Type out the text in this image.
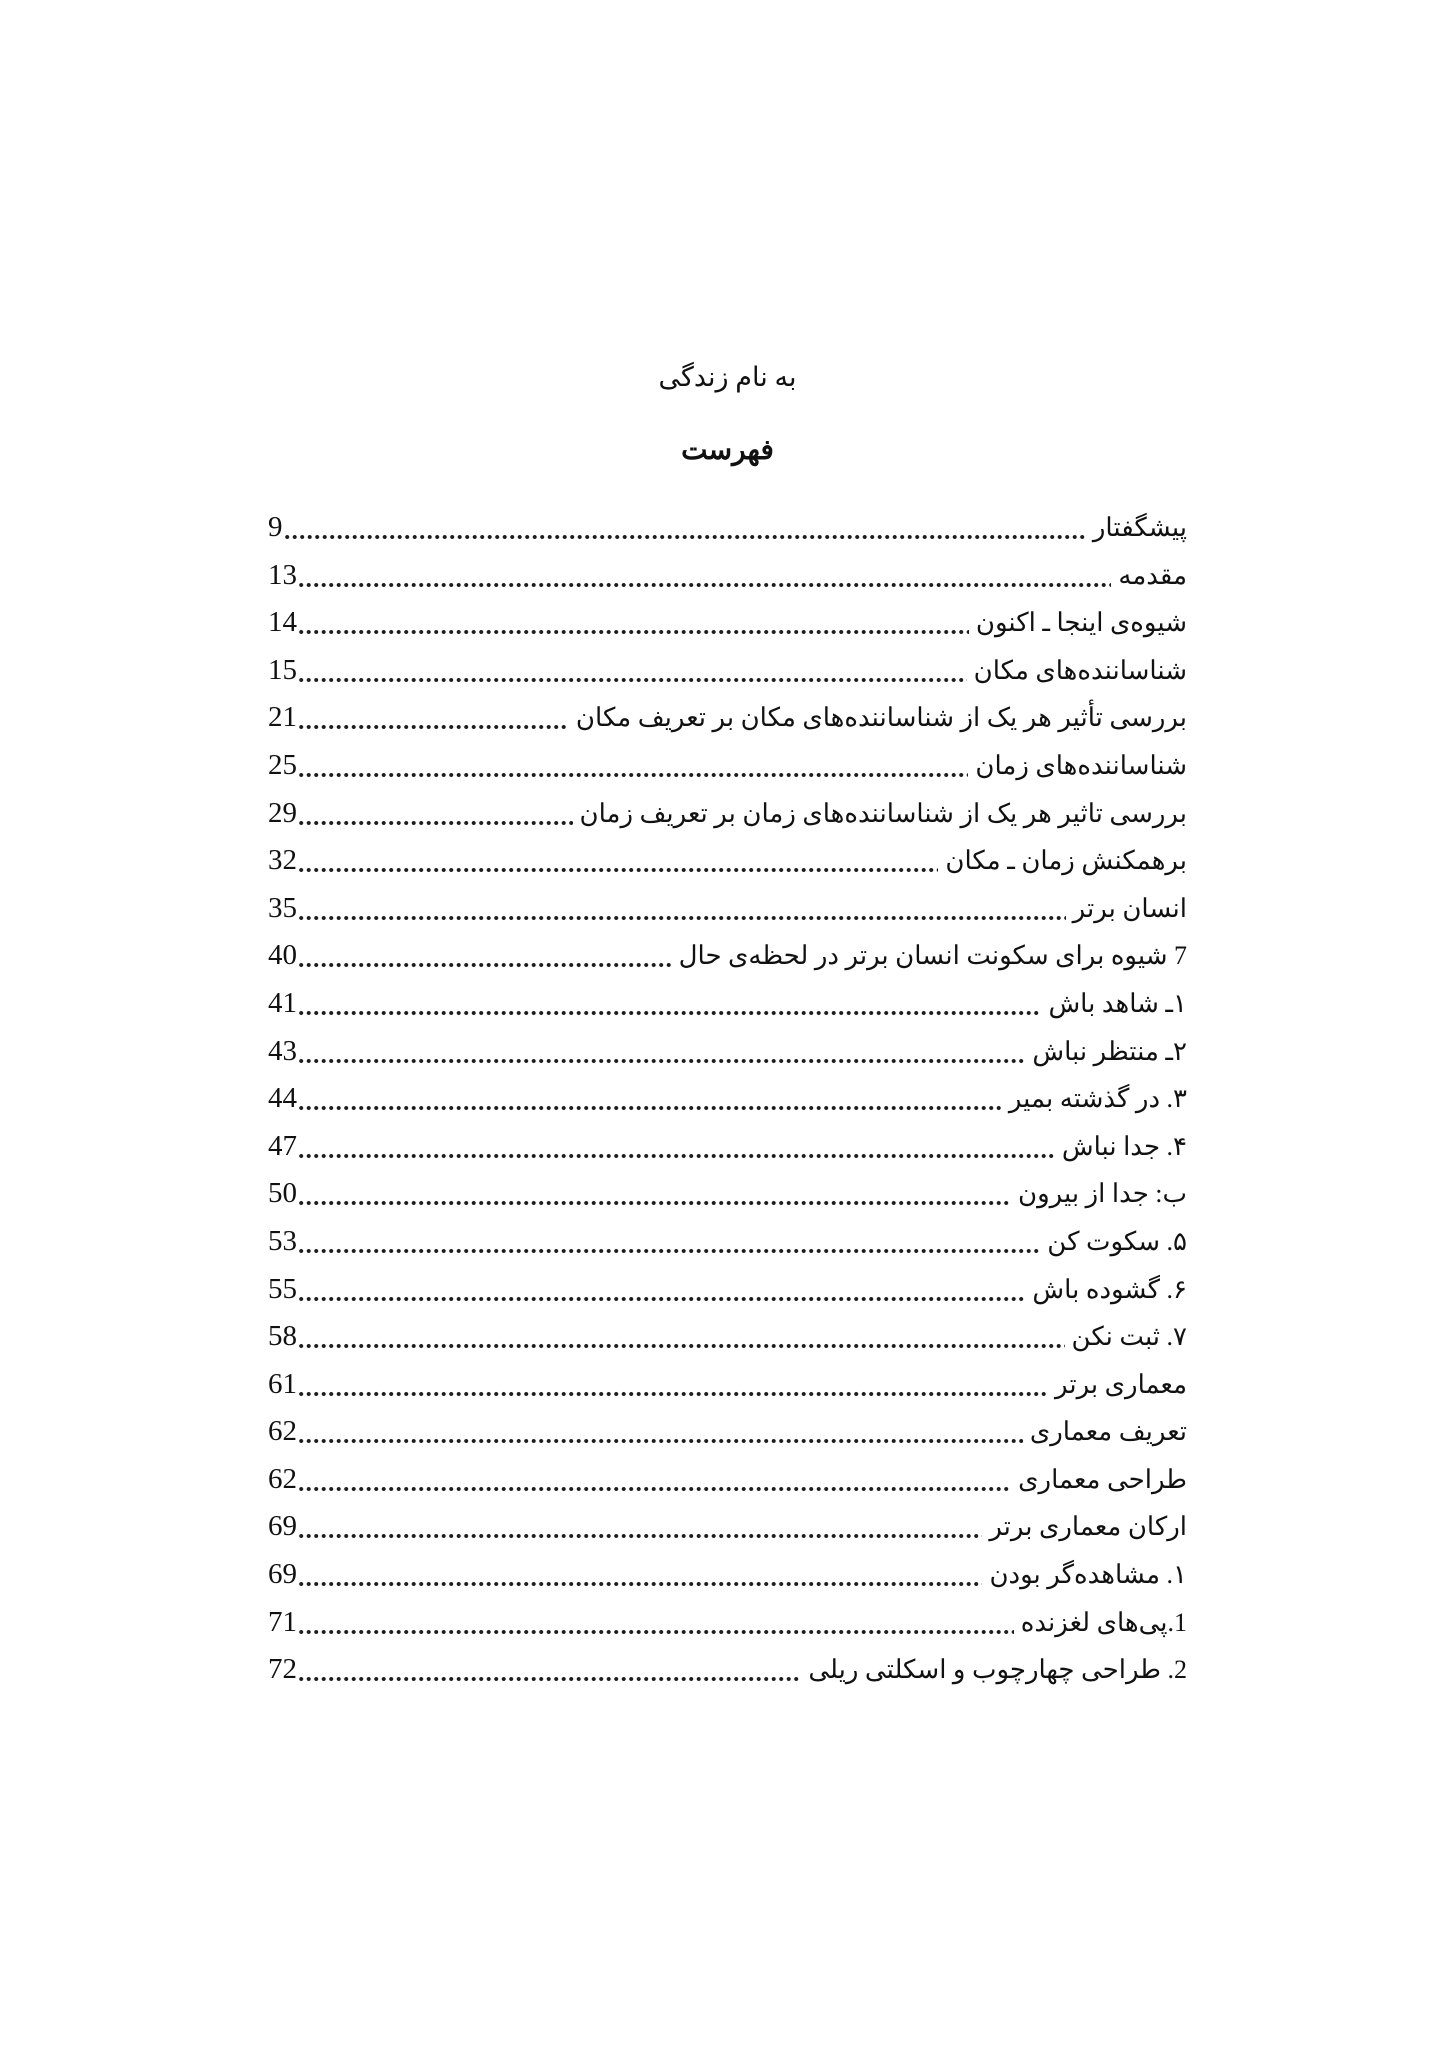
به نام زندگی
فهرست
پیشگفتار
9
مقدمه
13
شیوه‌ی اینجا ـ اکنون
14
شناساننده‌های مکان
15
بررسی تأثیر هر یک از شناساننده‌های مکان بر تعریف مکان
21
شناساننده‌های زمان
25
بررسی تاثیر هر یک از شناساننده‌های زمان بر تعریف زمان
29
برهمکنش زمان ـ مکان
32
انسان برتر
35
7 شیوه برای سکونت انسان برتر در لحظه‌ی حال
40
۱ـ شاهد باش
41
۲ـ منتظر نباش
43
۳. در گذشته بمیر
44
۴. جدا نباش
47
ب: جدا از بیرون
50
۵. سکوت کن
53
۶. گشوده باش
55
۷. ثبت نکن
58
معماری برتر
61
تعریف معماری
62
طراحی معماری
62
ارکان معماری برتر
69
۱. مشاهده‌گر بودن
69
1.پی‌های لغزنده
71
2. طراحی چهارچوب و اسکلتی ریلی
72
